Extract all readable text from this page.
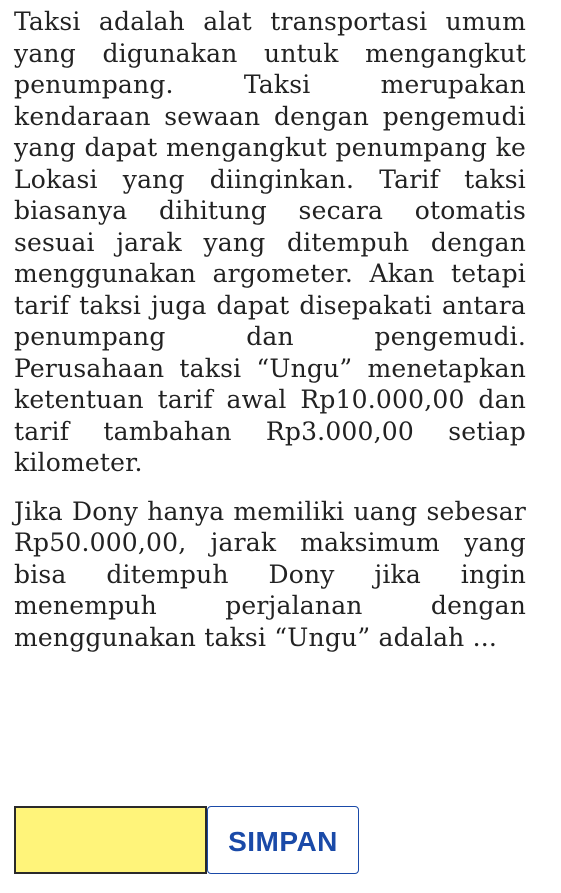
Taksi adalah alat transportasi umum yang digunakan untuk mengangkut penumpang. Taksi merupakan kendaraan sewaan dengan pengemudi yang dapat mengangkut penumpang ke Lokasi yang diinginkan. Tarif taksi biasanya dihitung secara otomatis sesuai jarak yang ditempuh dengan menggunakan argometer. Akan tetapi tarif taksi juga dapat disepakati antara penumpang dan pengemudi. Perusahaan taksi “Ungu” menetapkan ketentuan tarif awal Rp10.000,00 dan tarif tambahan Rp3.000,00 setiap kilometer.

Jika Dony hanya memiliki uang sebesar Rp50.000,00, jarak maksimum yang bisa ditempuh Dony jika ingin menempuh perjalanan dengan menggunakan taksi “Ungu” adalah ...

SIMPAN
